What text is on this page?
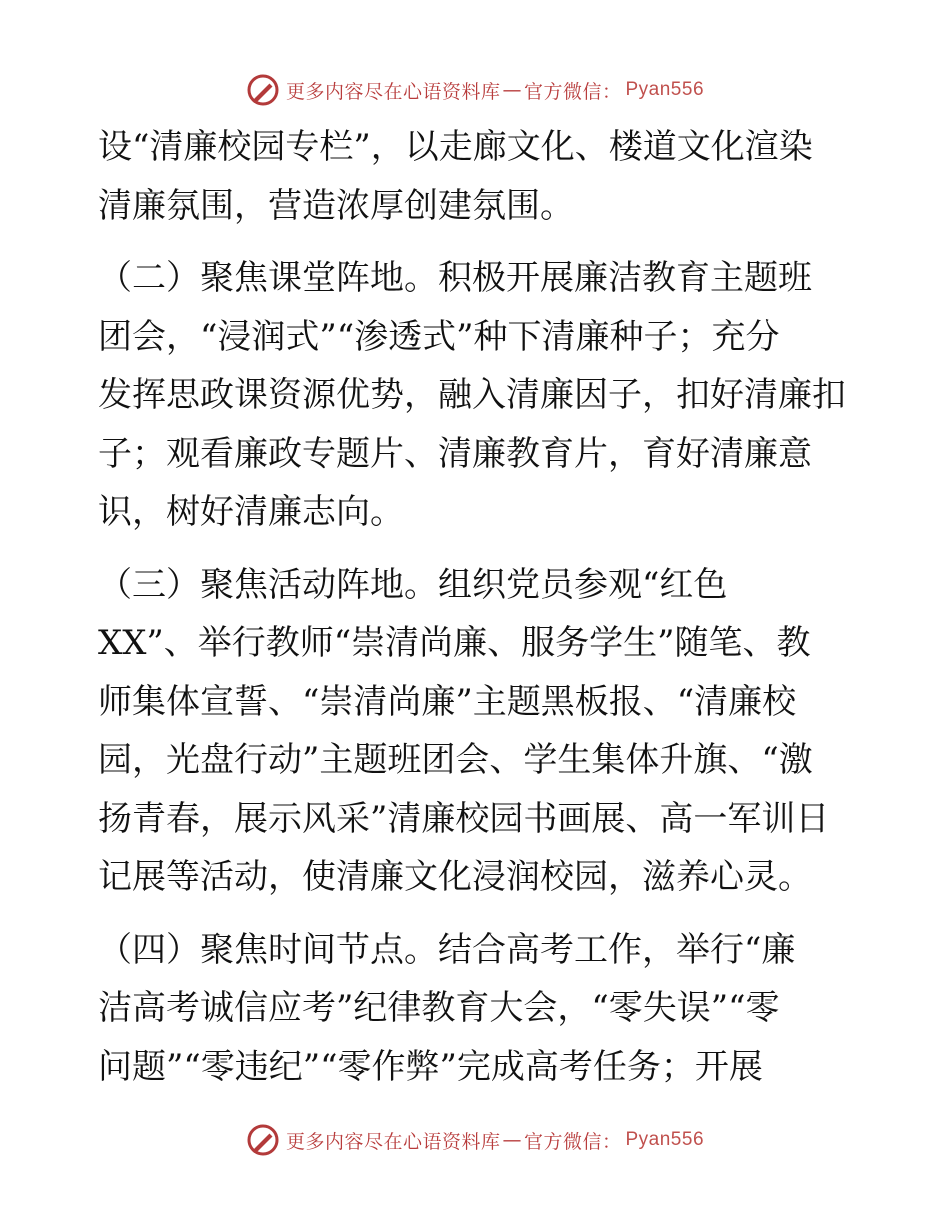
更多内容尽在心语资料库 — 官方微信： Pyan556
设“清廉校园专栏”，以走廊文化、楼道文化渲染
清廉氛围，营造浓厚创建氛围。
（二）聚焦课堂阵地。积极开展廉洁教育主题班
团会，“浸润式”“渗透式”种下清廉种子；充分
发挥思政课资源优势，融入清廉因子，扣好清廉扣
子；观看廉政专题片、清廉教育片，育好清廉意
识，树好清廉志向。
（三）聚焦活动阵地。组织党员参观“红色
XX”、举行教师“崇清尚廉、服务学生”随笔、教
师集体宣誓、“崇清尚廉”主题黑板报、“清廉校
园，光盘行动”主题班团会、学生集体升旗、“激
扬青春，展示风采”清廉校园书画展、高一军训日
记展等活动，使清廉文化浸润校园，滋养心灵。
（四）聚焦时间节点。结合高考工作，举行“廉
洁高考诚信应考”纪律教育大会，“零失误”“零
问题”“零违纪”“零作弊”完成高考任务；开展
更多内容尽在心语资料库 — 官方微信： Pyan556
